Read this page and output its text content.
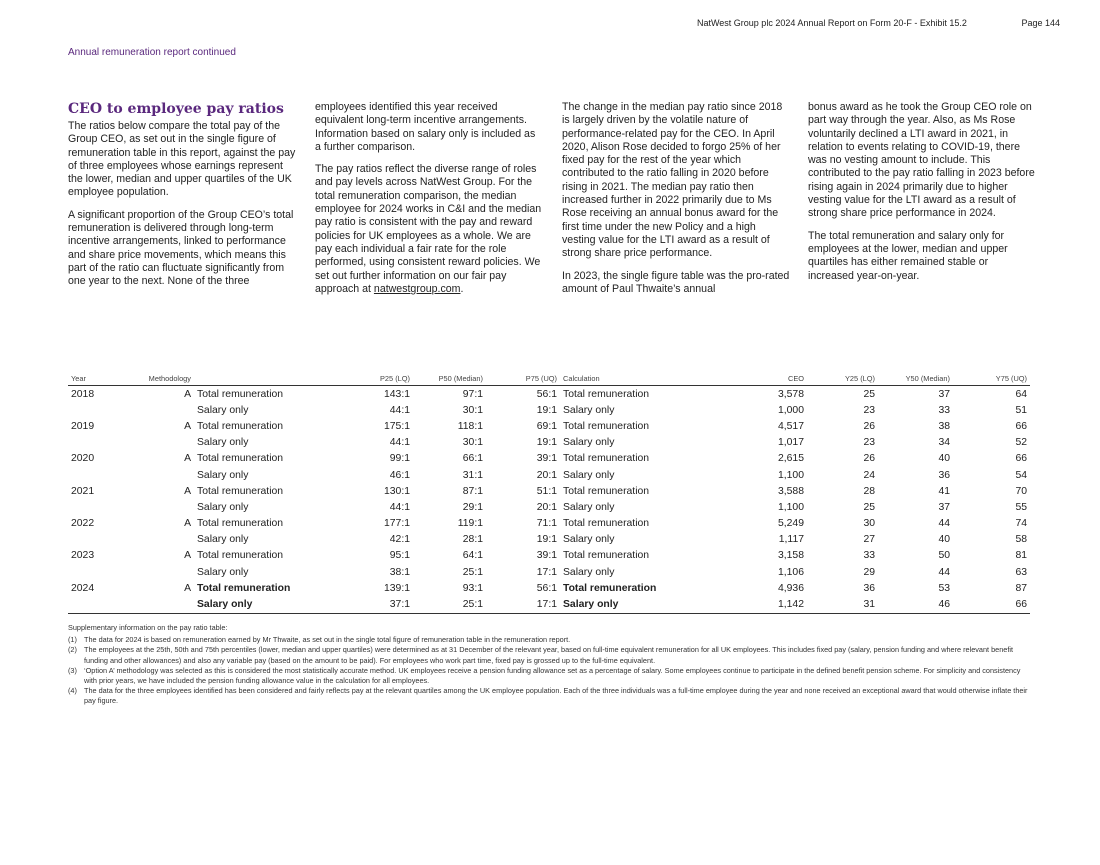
NatWest Group plc 2024 Annual Report on Form 20-F - Exhibit 15.2	Page 144
Annual remuneration report continued
CEO to employee pay ratios

The ratios below compare the total pay of the Group CEO, as set out in the single figure of remuneration table in this report, against the pay of three employees whose earnings represent the lower, median and upper quartiles of the UK employee population.

A significant proportion of the Group CEO’s total remuneration is delivered through long-term incentive arrangements, linked to performance and share price movements, which means this part of the ratio can fluctuate significantly from one year to the next. None of the three

employees identified this year received equivalent long-term incentive arrangements. Information based on salary only is included as a further comparison.

The pay ratios reflect the diverse range of roles and pay levels across NatWest Group. For the total remuneration comparison, the median employee for 2024 works in C&I and the median pay ratio is consistent with the pay and reward policies for UK employees as a whole. We are pay each individual a fair rate for the role performed, using consistent reward policies. We set out further information on our fair pay approach at natwestgroup.com.

The change in the median pay ratio since 2018 is largely driven by the volatile nature of performance-related pay for the CEO. In April 2020, Alison Rose decided to forgo 25% of her fixed pay for the rest of the year which contributed to the ratio falling in 2020 before rising in 2021. The median pay ratio then increased further in 2022 primarily due to Ms Rose receiving an annual bonus award for the first time under the new Policy and a high vesting value for the LTI award as a result of strong share price performance.

In 2023, the single figure table was the pro-rated amount of Paul Thwaite’s annual

bonus award as he took the Group CEO role on part way through the year. Also, as Ms Rose voluntarily declined a LTI award in 2021, in relation to events relating to COVID-19, there was no vesting amount to include. This contributed to the pay ratio falling in 2023 before rising again in 2024 primarily due to higher vesting value for the LTI award as a result of strong share price performance in 2024.

The total remuneration and salary only for employees at the lower, median and upper quartiles has either remained stable or increased year-on-year.

Year	Methodology		P25 (LQ)	P50 (Median)	P75 (UQ)	Calculation	CEO	Y25 (LQ)	Y50 (Median)	Y75 (UQ)
2018	A	Total remuneration	143:1	97:1	56:1	Total remuneration	3,578	25	37	64
		Salary only	44:1	30:1	19:1	Salary only	1,000	23	33	51
2019	A	Total remuneration	175:1	118:1	69:1	Total remuneration	4,517	26	38	66
		Salary only	44:1	30:1	19:1	Salary only	1,017	23	34	52
2020	A	Total remuneration	99:1	66:1	39:1	Total remuneration	2,615	26	40	66
		Salary only	46:1	31:1	20:1	Salary only	1,100	24	36	54
2021	A	Total remuneration	130:1	87:1	51:1	Total remuneration	3,588	28	41	70
		Salary only	44:1	29:1	20:1	Salary only	1,100	25	37	55
2022	A	Total remuneration	177:1	119:1	71:1	Total remuneration	5,249	30	44	74
		Salary only	42:1	28:1	19:1	Salary only	1,117	27	40	58
2023	A	Total remuneration	95:1	64:1	39:1	Total remuneration	3,158	33	50	81
		Salary only	38:1	25:1	17:1	Salary only	1,106	29	44	63
2024	A	Total remuneration	139:1	93:1	56:1	Total remuneration	4,936	36	53	87
		Salary only	37:1	25:1	17:1	Salary only	1,142	31	46	66
Supplementary information on the pay ratio table:
(1) The data for 2024 is based on remuneration earned by Mr Thwaite, as set out in the single total figure of remuneration table in the remuneration report.
(2) The employees at the 25th, 50th and 75th percentiles (lower, median and upper quartiles) were determined as at 31 December of the relevant year, based on full-time equivalent remuneration for all UK employees. This includes fixed pay (salary, pension funding and where relevant benefit funding and other allowances) and also any variable pay (based on the amount to be paid). For employees who work part time, fixed pay is grossed up to the full-time equivalent.
(3) ‘Option A’ methodology was selected as this is considered the most statistically accurate method. UK employees receive a pension funding allowance set as a percentage of salary. Some employees continue to participate in the defined benefit pension scheme. For simplicity and consistency with prior years, we have included the pension funding allowance value in the calculation for all employees.
(4) The data for the three employees identified has been considered and fairly reflects pay at the relevant quartiles among the UK employee population. Each of the three individuals was a full-time employee during the year and none received an exceptional award that would otherwise inflate their pay figure.
